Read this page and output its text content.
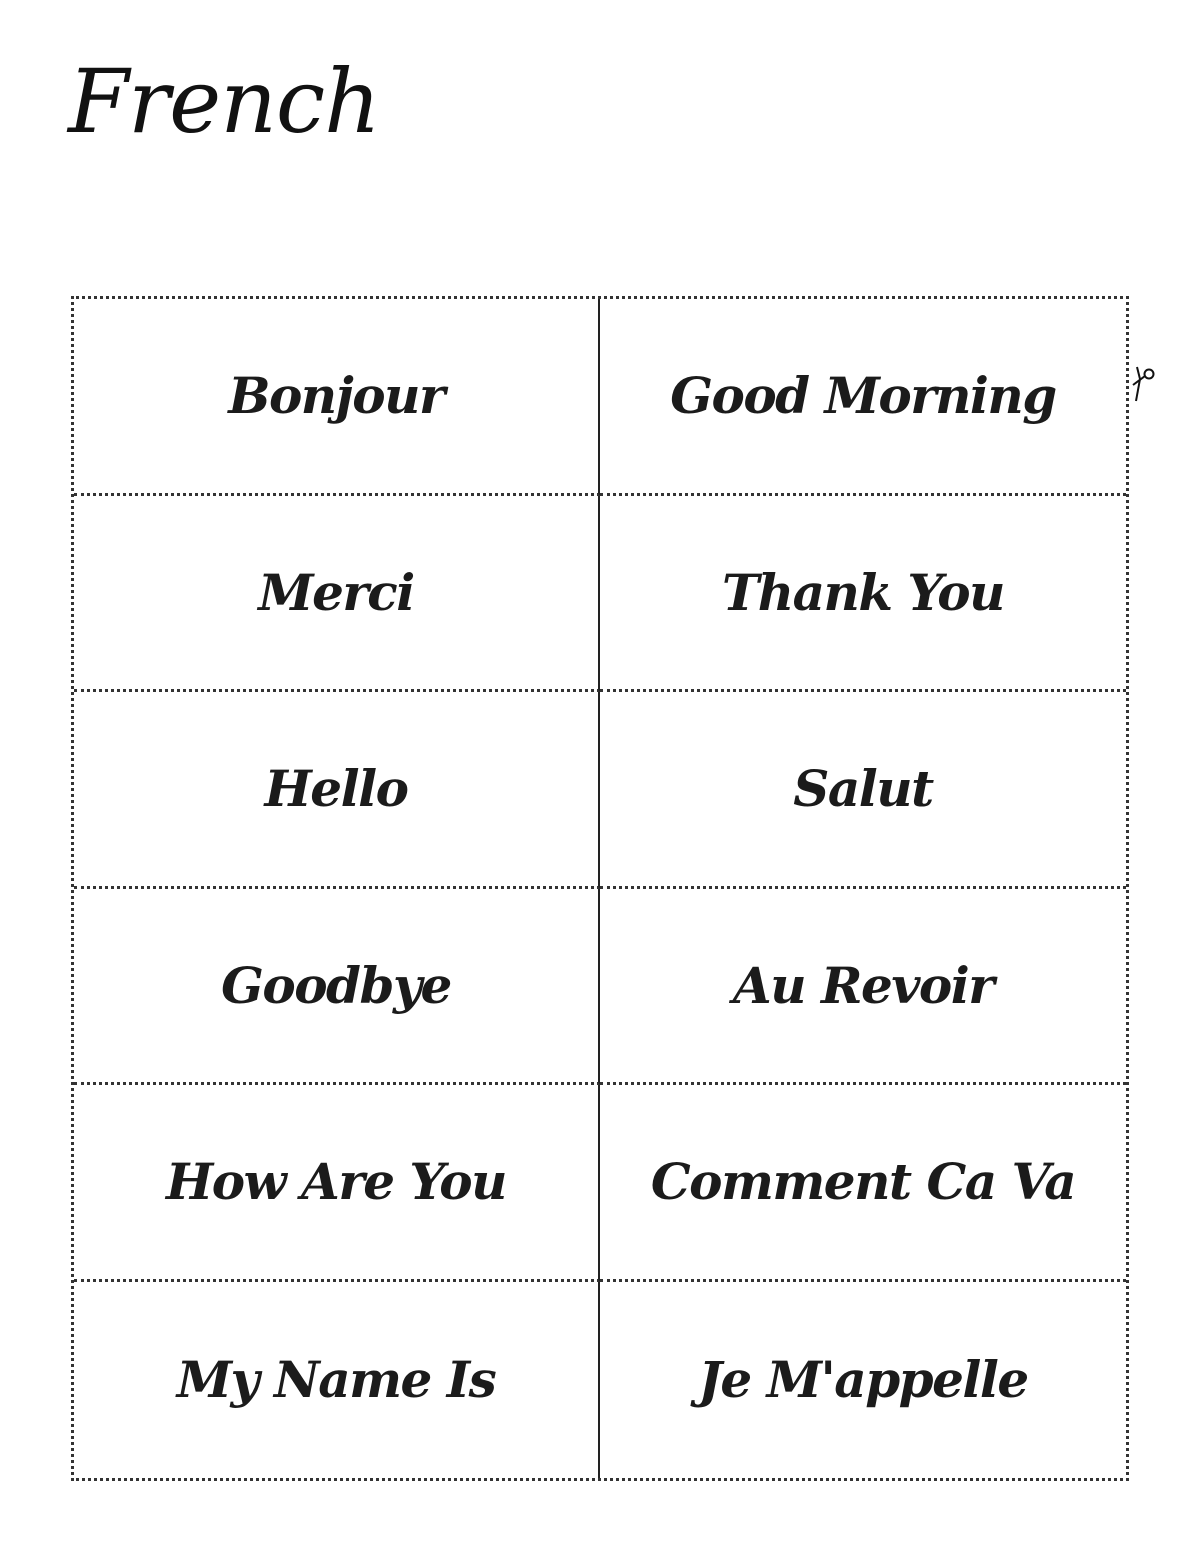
French
Bonjour	Good Morning
Merci	Thank You
Hello	Salut
Goodbye	Au Revoir
How Are You	Comment Ca Va
My Name Is	Je M'appelle
